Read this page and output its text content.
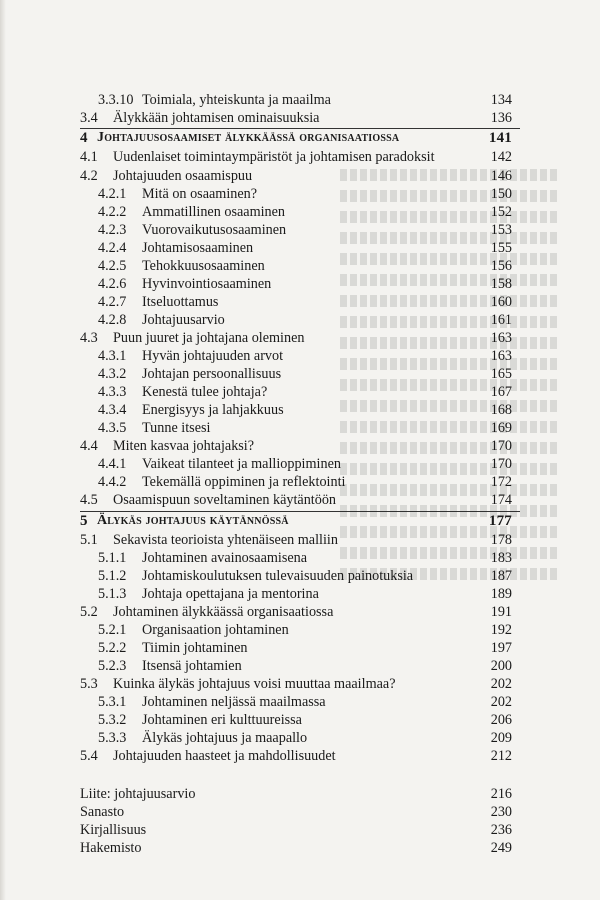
3.3.10 Toimiala, yhteiskunta ja maailma	134
3.4 Älykkään johtamisen ominaisuuksia	136
4 Johtajuusosaamiset älykkäässä organisaatiossa	141
4.1 Uudenlaiset toimintaympäristöt ja johtamisen paradoksit	142
4.2 Johtajuuden osaamispuu	146
4.2.1 Mitä on osaaminen?	150
4.2.2 Ammatillinen osaaminen	152
4.2.3 Vuorovaikutusosaaminen	153
4.2.4 Johtamisosaaminen	155
4.2.5 Tehokkuusosaaminen	156
4.2.6 Hyvinvointiosaaminen	158
4.2.7 Itseluottamus	160
4.2.8 Johtajuusarvio	161
4.3 Puun juuret ja johtajana oleminen	163
4.3.1 Hyvän johtajuuden arvot	163
4.3.2 Johtajan persoonallisuus	165
4.3.3 Kenestä tulee johtaja?	167
4.3.4 Energisyys ja lahjakkuus	168
4.3.5 Tunne itsesi	169
4.4 Miten kasvaa johtajaksi?	170
4.4.1 Vaikeat tilanteet ja mallioppiminen	170
4.4.2 Tekemällä oppiminen ja reflektointi	172
4.5 Osaamispuun soveltaminen käytäntöön	174
5 Älykäs johtajuus käytännössä	177
5.1 Sekavista teorioista yhtenäiseen malliin	178
5.1.1 Johtaminen avainosaamisena	183
5.1.2 Johtamiskoulutuksen tulevaisuuden painotuksia	187
5.1.3 Johtaja opettajana ja mentorina	189
5.2 Johtaminen älykkäässä organisaatiossa	191
5.2.1 Organisaation johtaminen	192
5.2.2 Tiimin johtaminen	197
5.2.3 Itsensä johtamien	200
5.3 Kuinka älykäs johtajuus voisi muuttaa maailmaa?	202
5.3.1 Johtaminen neljässä maailmassa	202
5.3.2 Johtaminen eri kulttuureissa	206
5.3.3 Älykäs johtajuus ja maapallo	209
5.4 Johtajuuden haasteet ja mahdollisuudet	212
Liite: johtajuusarvio	216
Sanasto	230
Kirjallisuus	236
Hakemisto	249
